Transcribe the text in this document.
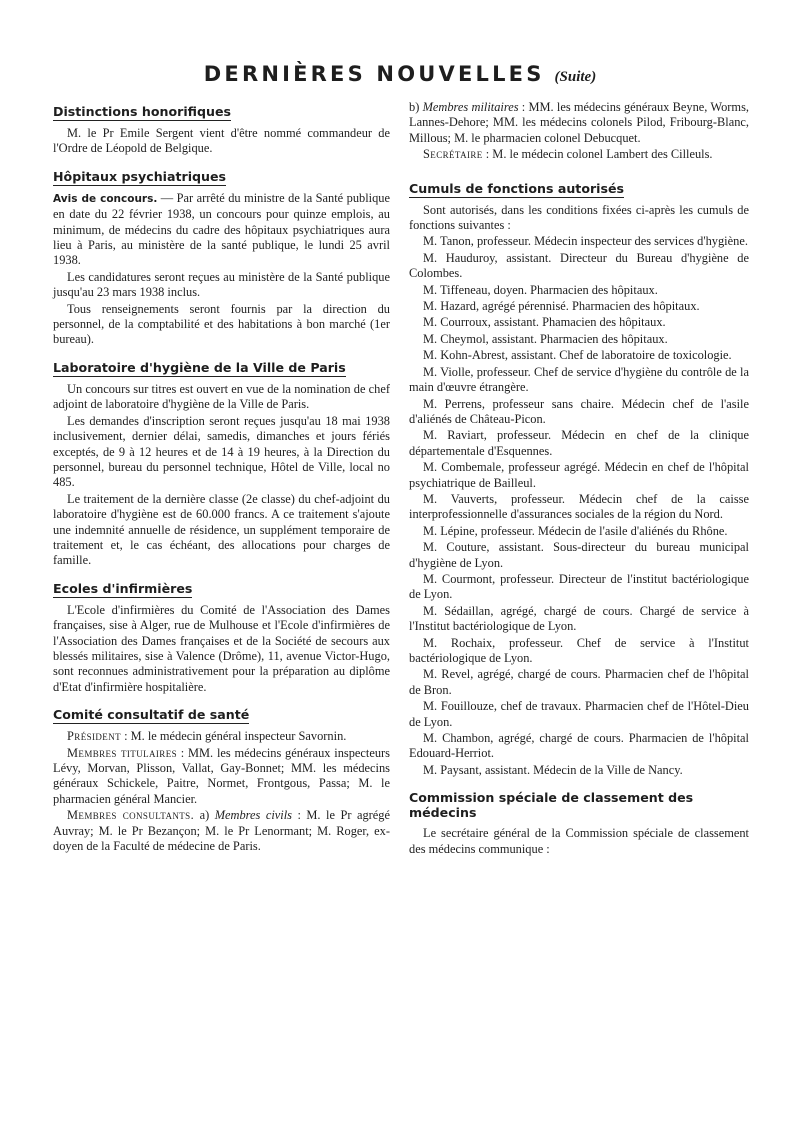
DERNIÈRES NOUVELLES (Suite)
Distinctions honorifiques

M. le Pr Emile Sergent vient d'être nommé commandeur de l'Ordre de Léopold de Belgique.

Hôpitaux psychiatriques

Avis de concours. — Par arrêté du ministre de la Santé publique en date du 22 février 1938, un concours pour quinze emplois, au minimum, de médecins du cadre des hôpitaux psychiatriques aura lieu à Paris, au ministère de la santé publique, le lundi 25 avril 1938.

Les candidatures seront reçues au ministère de la Santé publique jusqu'au 23 mars 1938 inclus.

Tous renseignements seront fournis par la direction du personnel, de la comptabilité et des habitations à bon marché (1er bureau).

Laboratoire d'hygiène de la Ville de Paris

Un concours sur titres est ouvert en vue de la nomination de chef adjoint de laboratoire d'hygiène de la Ville de Paris.

Les demandes d'inscription seront reçues jusqu'au 18 mai 1938 inclusivement, dernier délai, samedis, dimanches et jours fériés exceptés, de 9 à 12 heures et de 14 à 19 heures, à la Direction du personnel, bureau du personnel technique, Hôtel de Ville, local no 485.

Le traitement de la dernière classe (2e classe) du chef-adjoint du laboratoire d'hygiène est de 60.000 francs. A ce traitement s'ajoute une indemnité annuelle de résidence, un supplément temporaire de traitement et, le cas échéant, des allocations pour charges de famille.

Ecoles d'infirmières

L'Ecole d'infirmières du Comité de l'Association des Dames françaises, sise à Alger, rue de Mulhouse et l'Ecole d'infirmières de l'Association des Dames françaises et de la Société de secours aux blessés militaires, sise à Valence (Drôme), 11, avenue Victor-Hugo, sont reconnues administrativement pour la préparation au diplôme d'Etat d'infirmière hospitalière.

Comité consultatif de santé

Président : M. le médecin général inspecteur Savornin.

Membres titulaires : MM. les médecins généraux inspecteurs Lévy, Morvan, Plisson, Vallat, Gay-Bonnet; MM. les médecins généraux Schickele, Paitre, Normet, Frontgous, Passa; M. le pharmacien général Mancier.

Membres consultants. a) Membres civils : M. le Pr agrégé Auvray; M. le Pr Bezançon; M. le Pr Lenormant; M. Roger, ex-doyen de la Faculté de médecine de Paris.

b) Membres militaires : MM. les médecins généraux Beyne, Worms, Lannes-Dehore; MM. les médecins colonels Pilod, Fribourg-Blanc, Millous; M. le pharmacien colonel Debucquet.

Secrétaire : M. le médecin colonel Lambert des Cilleuls.

Cumuls de fonctions autorisés

Sont autorisés, dans les conditions fixées ci-après les cumuls de fonctions suivantes :

M. Tanon, professeur. Médecin inspecteur des services d'hygiène.

M. Hauduroy, assistant. Directeur du Bureau d'hygiène de Colombes.

M. Tiffeneau, doyen. Pharmacien des hôpitaux.

M. Hazard, agrégé pérennisé. Pharmacien des hôpitaux.

M. Courroux, assistant. Phamacien des hôpitaux.

M. Cheymol, assistant. Pharmacien des hôpitaux.

M. Kohn-Abrest, assistant. Chef de laboratoire de toxicologie.

M. Violle, professeur. Chef de service d'hygiène du contrôle de la main d'œuvre étrangère.

M. Perrens, professeur sans chaire. Médecin chef de l'asile d'aliénés de Château-Picon.

M. Raviart, professeur. Médecin en chef de la clinique départementale d'Esquennes.

M. Combemale, professeur agrégé. Médecin en chef de l'hôpital psychiatrique de Bailleul.

M. Vauverts, professeur. Médecin chef de la caisse interprofessionnelle d'assurances sociales de la région du Nord.

M. Lépine, professeur. Médecin de l'asile d'aliénés du Rhône.

M. Couture, assistant. Sous-directeur du bureau municipal d'hygiène de Lyon.

M. Courmont, professeur. Directeur de l'institut bactériologique de Lyon.

M. Sédaillan, agrégé, chargé de cours. Chargé de service à l'Institut bactériologique de Lyon.

M. Rochaix, professeur. Chef de service à l'Institut bactériologique de Lyon.

M. Revel, agrégé, chargé de cours. Pharmacien chef de l'hôpital de Bron.

M. Fouillouze, chef de travaux. Pharmacien chef de l'Hôtel-Dieu de Lyon.

M. Chambon, agrégé, chargé de cours. Pharmacien de l'hôpital Edouard-Herriot.

M. Paysant, assistant. Médecin de la Ville de Nancy.

Commission spéciale de classement des médecins

Le secrétaire général de la Commission spéciale de classement des médecins communique :
